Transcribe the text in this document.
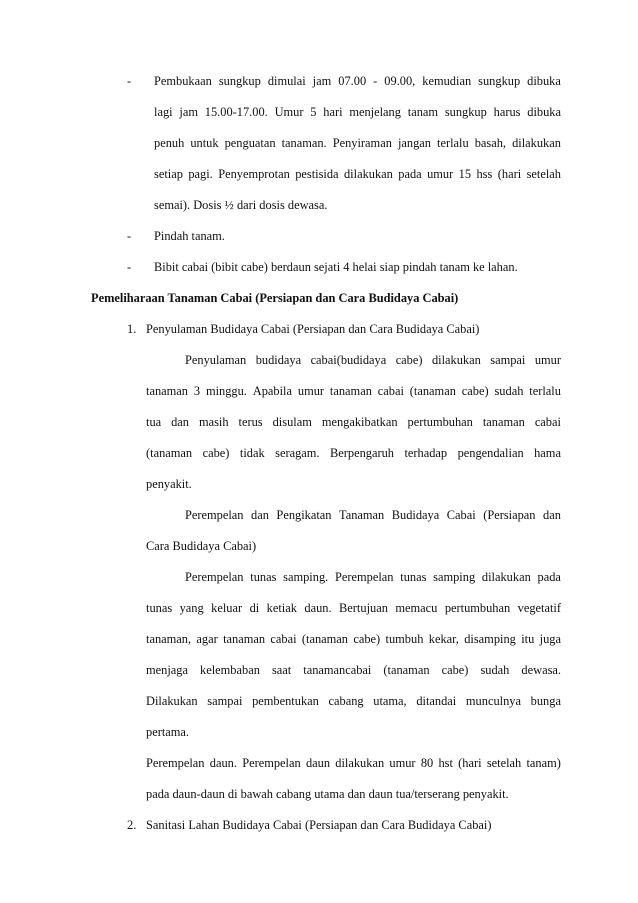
- Pembukaan sungkup dimulai jam 07.00 - 09.00, kemudian sungkup dibuka
lagi jam 15.00-17.00. Umur 5 hari menjelang tanam sungkup harus dibuka
penuh untuk penguatan tanaman. Penyiraman jangan terlalu basah, dilakukan
setiap pagi. Penyemprotan pestisida dilakukan pada umur 15 hss (hari setelah
semai). Dosis ½ dari dosis dewasa.
- Pindah tanam.
- Bibit cabai (bibit cabe) berdaun sejati 4 helai siap pindah tanam ke lahan.
Pemeliharaan Tanaman Cabai (Persiapan dan Cara Budidaya Cabai)
1. Penyulaman Budidaya Cabai (Persiapan dan Cara Budidaya Cabai)
Penyulaman budidaya cabai(budidaya cabe) dilakukan sampai umur
tanaman 3 minggu. Apabila umur tanaman cabai (tanaman cabe) sudah terlalu
tua dan masih terus disulam mengakibatkan pertumbuhan tanaman cabai
(tanaman cabe) tidak seragam. Berpengaruh terhadap pengendalian hama
penyakit.
Perempelan dan Pengikatan Tanaman Budidaya Cabai (Persiapan dan
Cara Budidaya Cabai)
Perempelan tunas samping. Perempelan tunas samping dilakukan pada
tunas yang keluar di ketiak daun. Bertujuan memacu pertumbuhan vegetatif
tanaman, agar tanaman cabai (tanaman cabe) tumbuh kekar, disamping itu juga
menjaga kelembaban saat tanamancabai (tanaman cabe) sudah dewasa.
Dilakukan sampai pembentukan cabang utama, ditandai munculnya bunga
pertama.
Perempelan daun. Perempelan daun dilakukan umur 80 hst (hari setelah tanam)
pada daun-daun di bawah cabang utama dan daun tua/terserang penyakit.
2. Sanitasi Lahan Budidaya Cabai (Persiapan dan Cara Budidaya Cabai)
